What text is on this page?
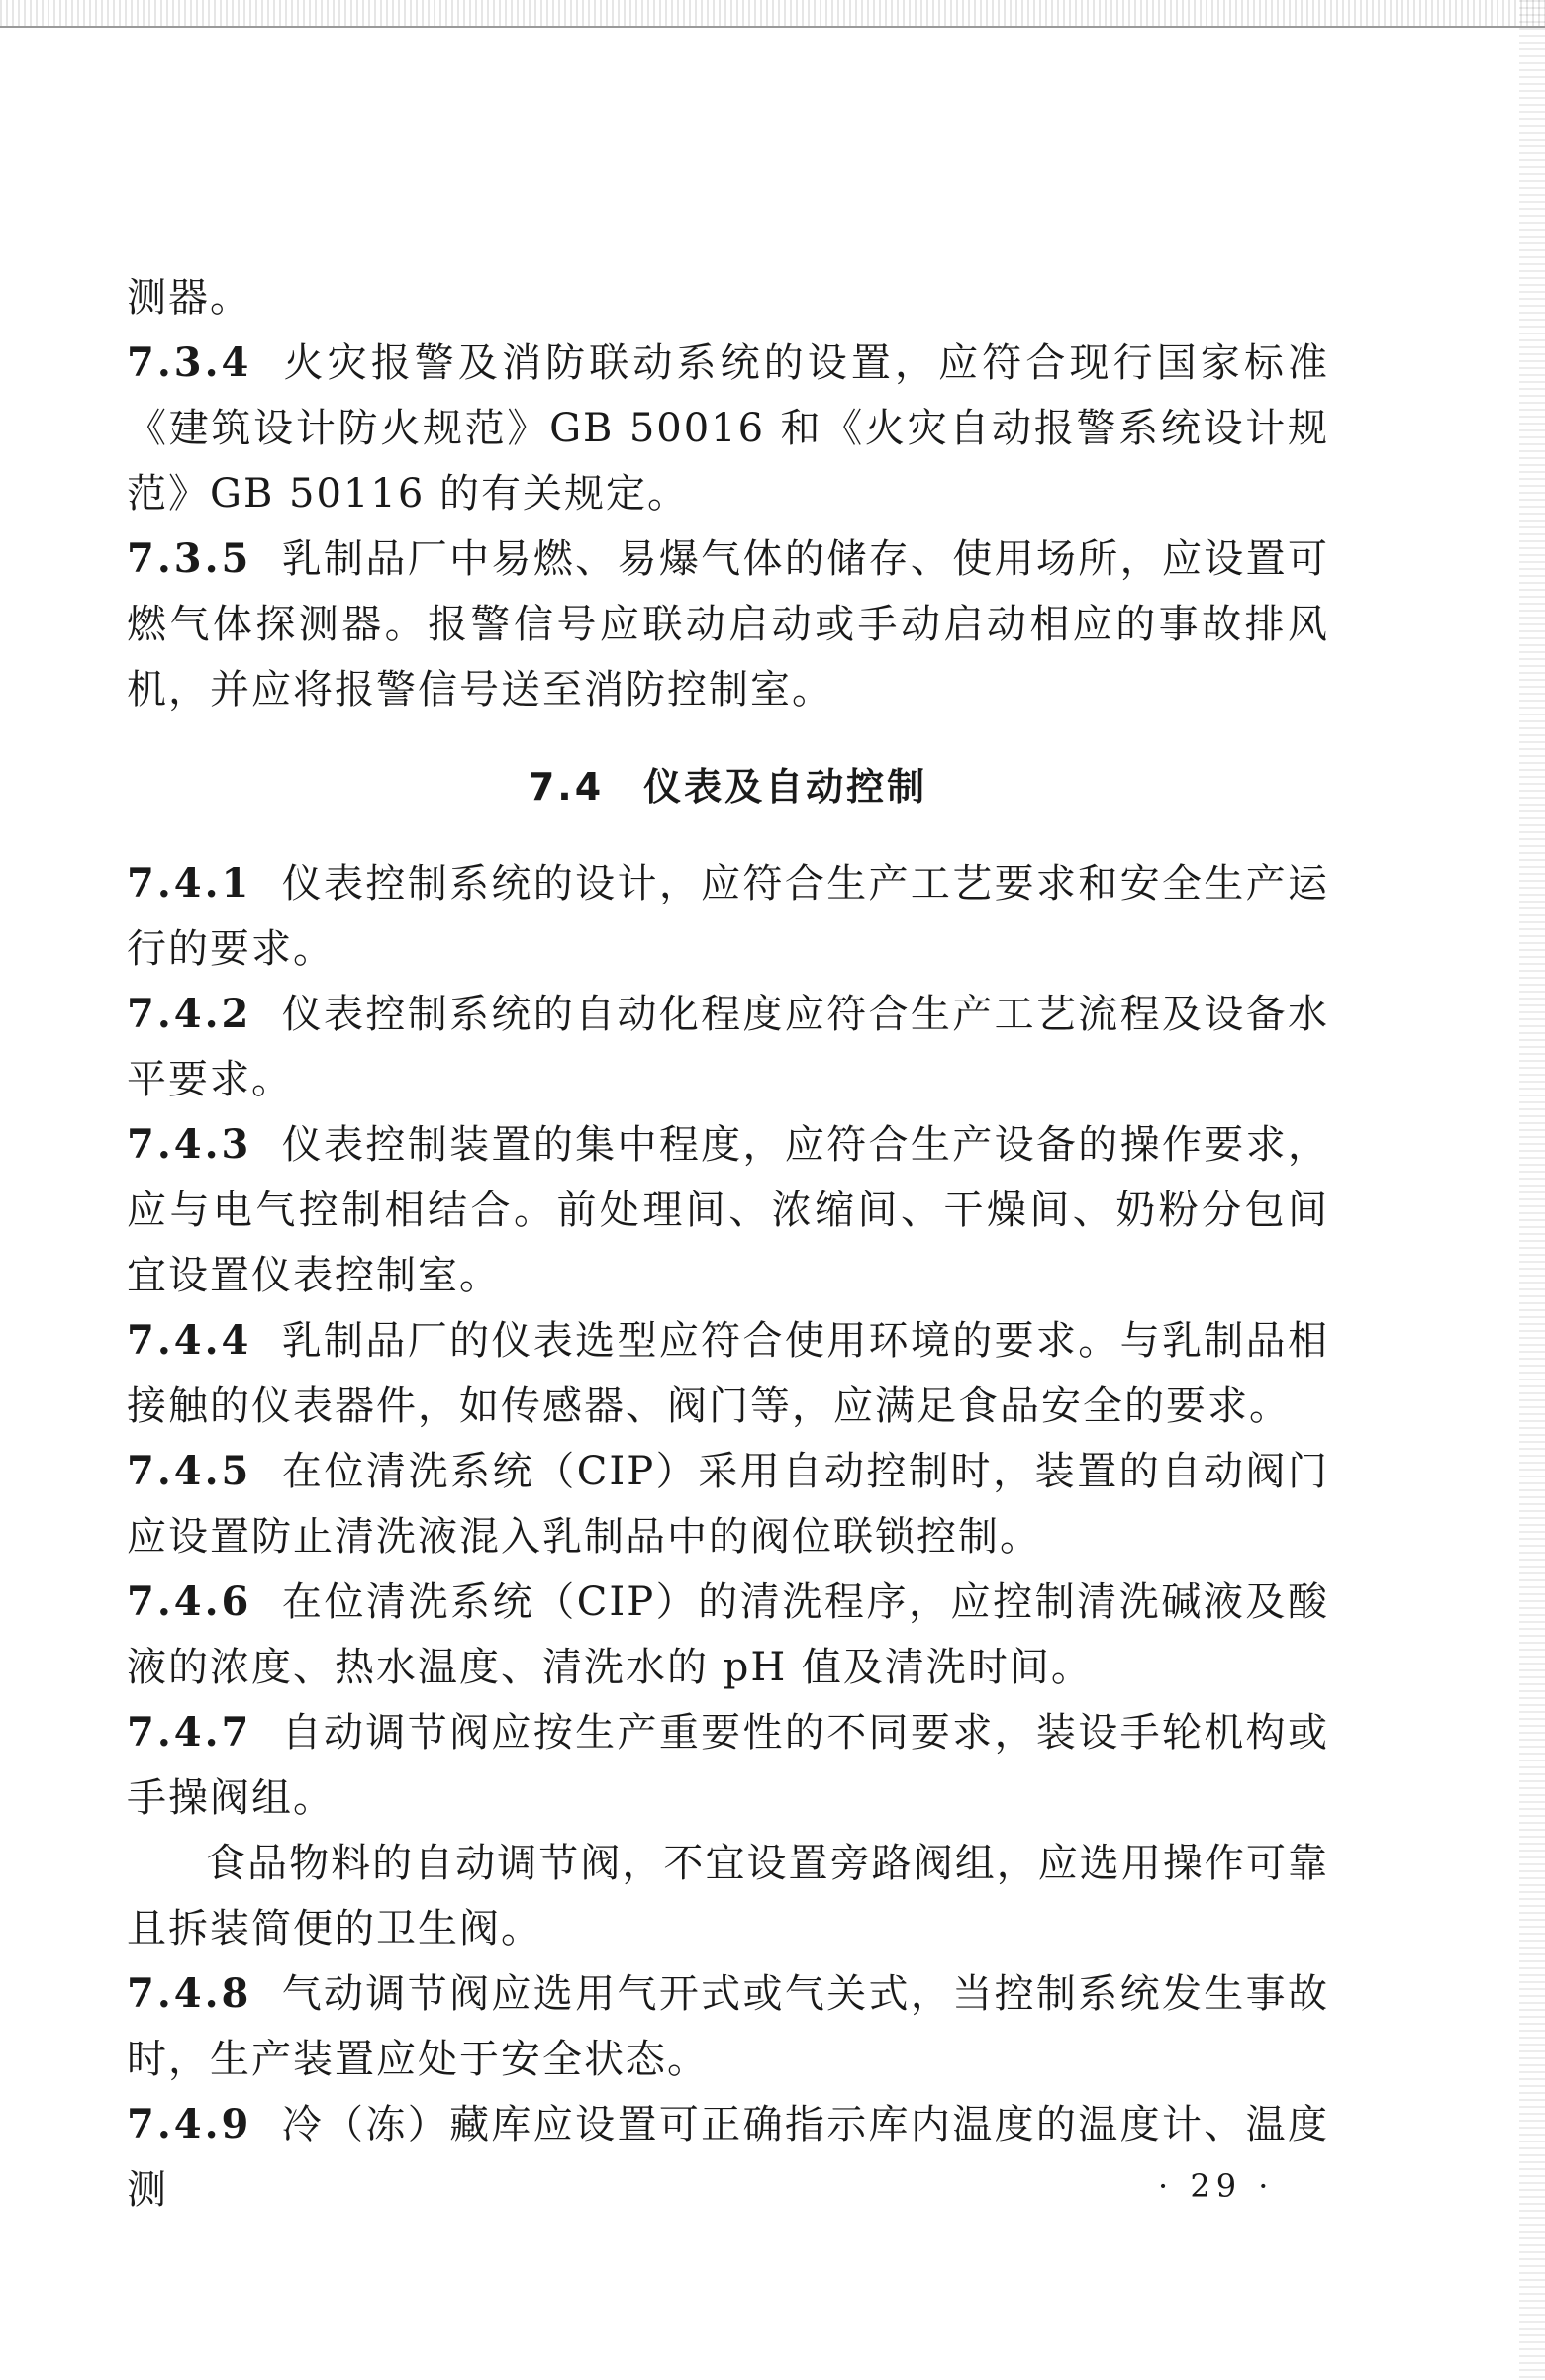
测器。

7.3.4 火灾报警及消防联动系统的设置，应符合现行国家标准《建筑设计防火规范》GB 50016 和《火灾自动报警系统设计规范》GB 50116 的有关规定。

7.3.5 乳制品厂中易燃、易爆气体的储存、使用场所，应设置可燃气体探测器。报警信号应联动启动或手动启动相应的事故排风机，并应将报警信号送至消防控制室。

7.4 仪表及自动控制

7.4.1 仪表控制系统的设计，应符合生产工艺要求和安全生产运行的要求。

7.4.2 仪表控制系统的自动化程度应符合生产工艺流程及设备水平要求。

7.4.3 仪表控制装置的集中程度，应符合生产设备的操作要求，应与电气控制相结合。前处理间、浓缩间、干燥间、奶粉分包间宜设置仪表控制室。

7.4.4 乳制品厂的仪表选型应符合使用环境的要求。与乳制品相接触的仪表器件，如传感器、阀门等，应满足食品安全的要求。

7.4.5 在位清洗系统（CIP）采用自动控制时，装置的自动阀门应设置防止清洗液混入乳制品中的阀位联锁控制。

7.4.6 在位清洗系统（CIP）的清洗程序，应控制清洗碱液及酸液的浓度、热水温度、清洗水的 pH 值及清洗时间。

7.4.7 自动调节阀应按生产重要性的不同要求，装设手轮机构或手操阀组。

食品物料的自动调节阀，不宜设置旁路阀组，应选用操作可靠且拆装简便的卫生阀。

7.4.8 气动调节阀应选用气开式或气关式，当控制系统发生事故时，生产装置应处于安全状态。

7.4.9 冷（冻）藏库应设置可正确指示库内温度的温度计、温度测	· 29 ·
